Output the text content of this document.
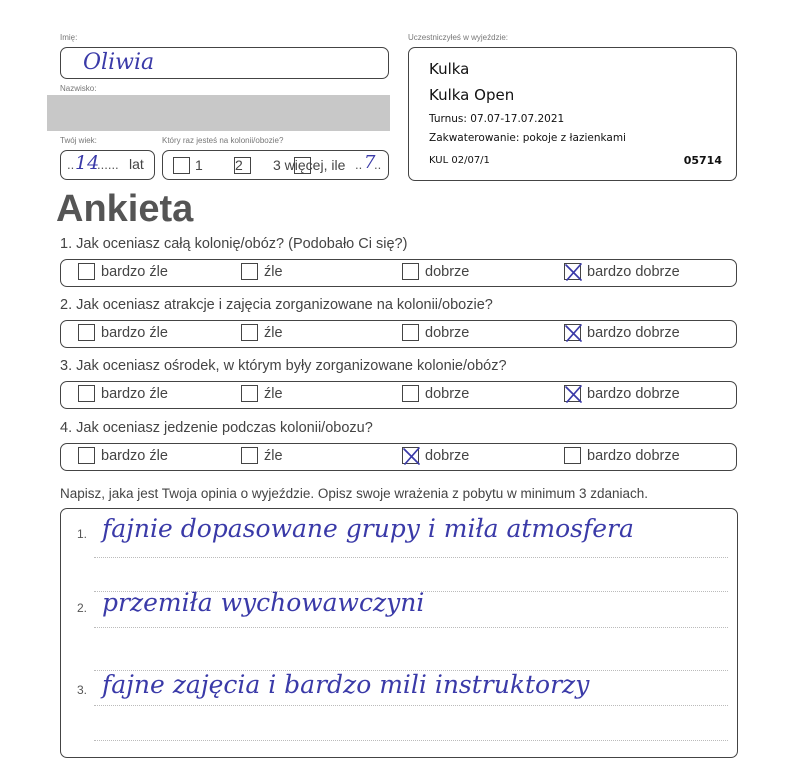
Imię:
Oliwia
Nazwisko:
Twój wiek:
.. 14
...... lat
Który raz jesteś na kolonii/obozie?

1
2 3 więcej, ile .. 7
..
Uczestniczyłeś w wyjeździe:
Kulka
Kulka Open
Turnus: 07.07-17.07.2021
Zakwaterowanie: pokoje z łazienkami
KUL 02/07/1	05714
Ankieta
1. Jak oceniasz całą kolonię/obóz? (Podobało Ci się?)
bardzo źle	źle	dobrze	bardzo dobrze
2. Jak oceniasz atrakcje i zajęcia zorganizowane na kolonii/obozie?
bardzo źle	źle	dobrze	bardzo dobrze
3. Jak oceniasz ośrodek, w którym były zorganizowane kolonie/obóz?
bardzo źle	źle	dobrze	bardzo dobrze
4. Jak oceniasz jedzenie podczas kolonii/obozu?
bardzo źle	źle	dobrze	bardzo dobrze
Napisz, jaka jest Twoja opinia o wyjeździe. Opisz swoje wrażenia z pobytu w minimum 3 zdaniach.
1. fajnie dopasowane grupy i miła atmosfera
2. przemiła wychowawczyni
3. fajne zajęcia i bardzo mili instruktorzy
